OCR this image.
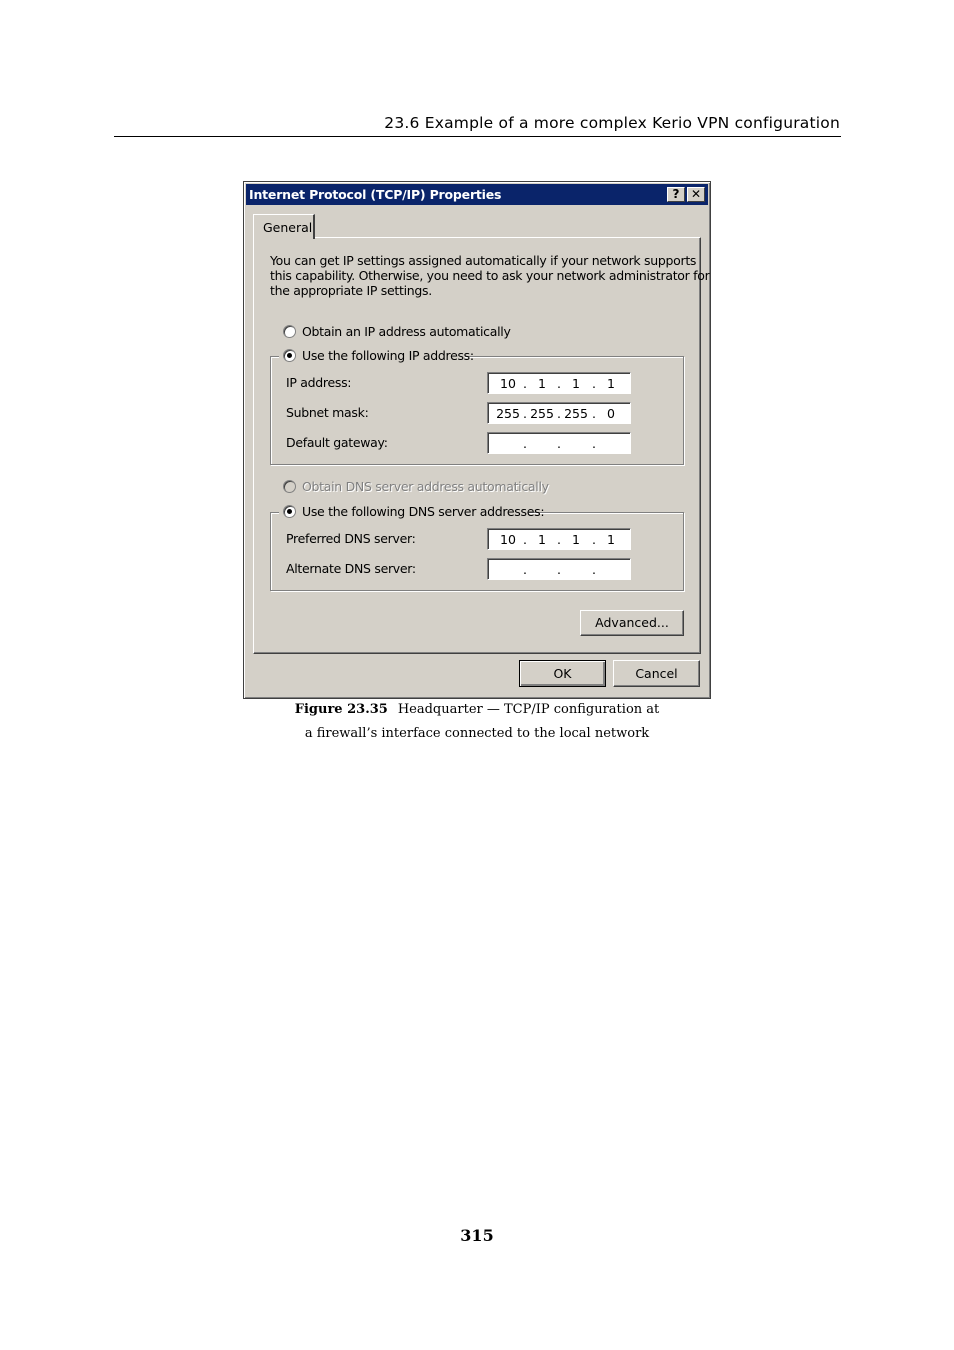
23.6 Example of a more complex Kerio VPN configuration
Internet Protocol (TCP/IP) Properties	? ✕
General
You can get IP settings assigned automatically if your network supports
this capability. Otherwise, you need to ask your network administrator for
the appropriate IP settings.
Obtain an IP address automatically
Use the following IP address:
IP address:	10 . 1 . 1 . 1
Subnet mask:	255 . 255 . 255 . 0
Default gateway:	. . .
Obtain DNS server address automatically
Use the following DNS server addresses:
Preferred DNS server:	10 . 1 . 1 . 1
Alternate DNS server:	. . .
Advanced...
OK	Cancel
Figure 23.35 Headquarter — TCP/IP configuration at
a firewall’s interface connected to the local network
315
